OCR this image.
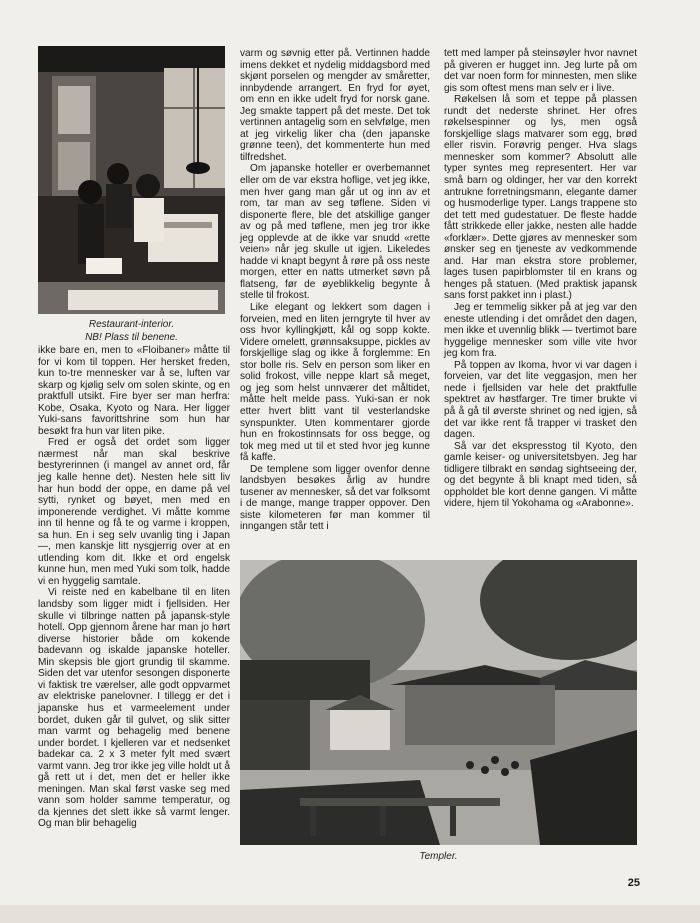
Restaurant-interior.
NB! Plass til benene.

ikke bare en, men to «Floibaner» måtte til for vi kom til toppen. Her hersket freden, kun to-tre mennesker var å se, luften var skarp og kjølig selv om solen skinte, og en praktfull utsikt. Fire byer ser man herfra: Kobe, Osaka, Kyoto og Nara. Her ligger Yuki-sans favorittshrine som hun har besøkt fra hun var liten pike.

Fred er også det ordet som ligger nærmest når man skal beskrive bestyrerinnen (i mangel av annet ord, får jeg kalle henne det). Nesten hele sitt liv har hun bodd der oppe, en dame på vel sytti, rynket og bøyet, men med en imponerende verdighet. Vi måtte komme inn til henne og få te og varme i kroppen, sa hun. En i seg selv uvanlig ting i Japan —, men kanskje litt nysgjerrig over at en utlending kom dit. Ikke et ord engelsk kunne hun, men med Yuki som tolk, hadde vi en hyggelig samtale.

Vi reiste ned en kabelbane til en liten landsby som ligger midt i fjellsiden. Her skulle vi tilbringe natten på japansk-style hotell. Opp gjennom årene har man jo hørt diverse historier både om kokende badevann og iskalde japanske hoteller. Min skepsis ble gjort grundig til skamme. Siden det var utenfor sesongen disponerte vi faktisk tre værelser, alle godt oppvarmet av elektriske panelovner. I tillegg er det i japanske hus et varmeelement under bordet, duken går til gulvet, og slik sitter man varmt og behagelig med benene under bordet. I kjelleren var et nedsenket badekar ca. 2 x 3 meter fylt med svært varmt vann. Jeg tror ikke jeg ville holdt ut å gå rett ut i det, men det er heller ikke meningen. Man skal først vaske seg med vann som holder samme temperatur, og da kjennes det slett ikke så varmt lenger. Og man blir behagelig

varm og søvnig etter på. Vertinnen hadde imens dekket et nydelig middagsbord med skjønt porselen og mengder av småretter, innbydende arrangert. En fryd for øyet, om enn en ikke udelt fryd for norsk gane. Jeg smakte tappert på det meste. Det tok vertinnen antagelig som en selvfølge, men at jeg virkelig liker cha (den japanske grønne teen), det kommenterte hun med tilfredshet.

Om japanske hoteller er overbemannet eller om de var ekstra hoflige, vet jeg ikke, men hver gang man går ut og inn av et rom, tar man av seg tøflene. Siden vi disponerte flere, ble det atskillige ganger av og på med tøflene, men jeg tror ikke jeg opplevde at de ikke var snudd «rette veien» når jeg skulle ut igjen. Likeledes hadde vi knapt begynt å røre på oss neste morgen, etter en natts utmerket søvn på flatseng, før de øyeblikkelig begynte å stelle til frokost.

Like elegant og lekkert som dagen i forveien, med en liten jerngryte til hver av oss hvor kyllingkjøtt, kål og sopp kokte. Videre omelett, grønnsaksuppe, pickles av forskjellige slag og ikke å forglemme: En stor bolle ris. Selv en person som liker en solid frokost, ville neppe klart så meget, og jeg som helst unnværer det måltidet, måtte helt melde pass. Yuki-san er nok etter hvert blitt vant til vesterlandske synspunkter. Uten kommentarer gjorde hun en frokostinnsats for oss begge, og tok meg med ut til et sted hvor jeg kunne få kaffe.

De templene som ligger ovenfor denne landsbyen besøkes årlig av hundre tusener av mennesker, så det var folksomt i de mange, mange trapper oppover. Den siste kilometeren før man kommer til inngangen står tett i

tett med lamper på steinsøyler hvor navnet på giveren er hugget inn. Jeg lurte på om det var noen form for minnesten, men slike gis som oftest mens man selv er i live.

Røkelsen lå som et teppe på plassen rundt det nederste shrinet. Her ofres røkelsespinner og lys, men også forskjellige slags matvarer som egg, brød eller risvin. Forøvrig penger. Hva slags mennesker som kommer? Absolutt alle typer syntes meg representert. Her var små barn og oldinger, her var den korrekt antrukne forretningsmann, elegante damer og husmoderlige typer. Langs trappene sto det tett med gudestatuer. De fleste hadde fått strikkede eller jakke, nesten alle hadde «forklær». Dette gjøres av mennesker som ønsker seg en tjeneste av vedkommende and. Har man ekstra store problemer, lages tusen papirblomster til en krans og henges på statuen. (Med praktisk japansk sans forst pakket inn i plast.)

Jeg er temmelig sikker på at jeg var den eneste utlending i det området den dagen, men ikke et uvennlig blikk — tvertimot bare hyggelige mennesker som ville vite hvor jeg kom fra.

På toppen av Ikoma, hvor vi var dagen i forveien, var det lite veggasjon, men her nede i fjellsiden var hele det praktfulle spektret av høstfarger. Tre timer brukte vi på å gå til øverste shrinet og ned igjen, så det var ikke rent få trapper vi trasket den dagen.

Så var det ekspresstog til Kyoto, den gamle keiser- og universitetsbyen. Jeg har tidligere tilbrakt en søndag sightseeing der, og det begynte å bli knapt med tiden, så oppholdet ble kort denne gangen. Vi måtte videre, hjem til Yokohama og «Arabonne».

Templer.
25
